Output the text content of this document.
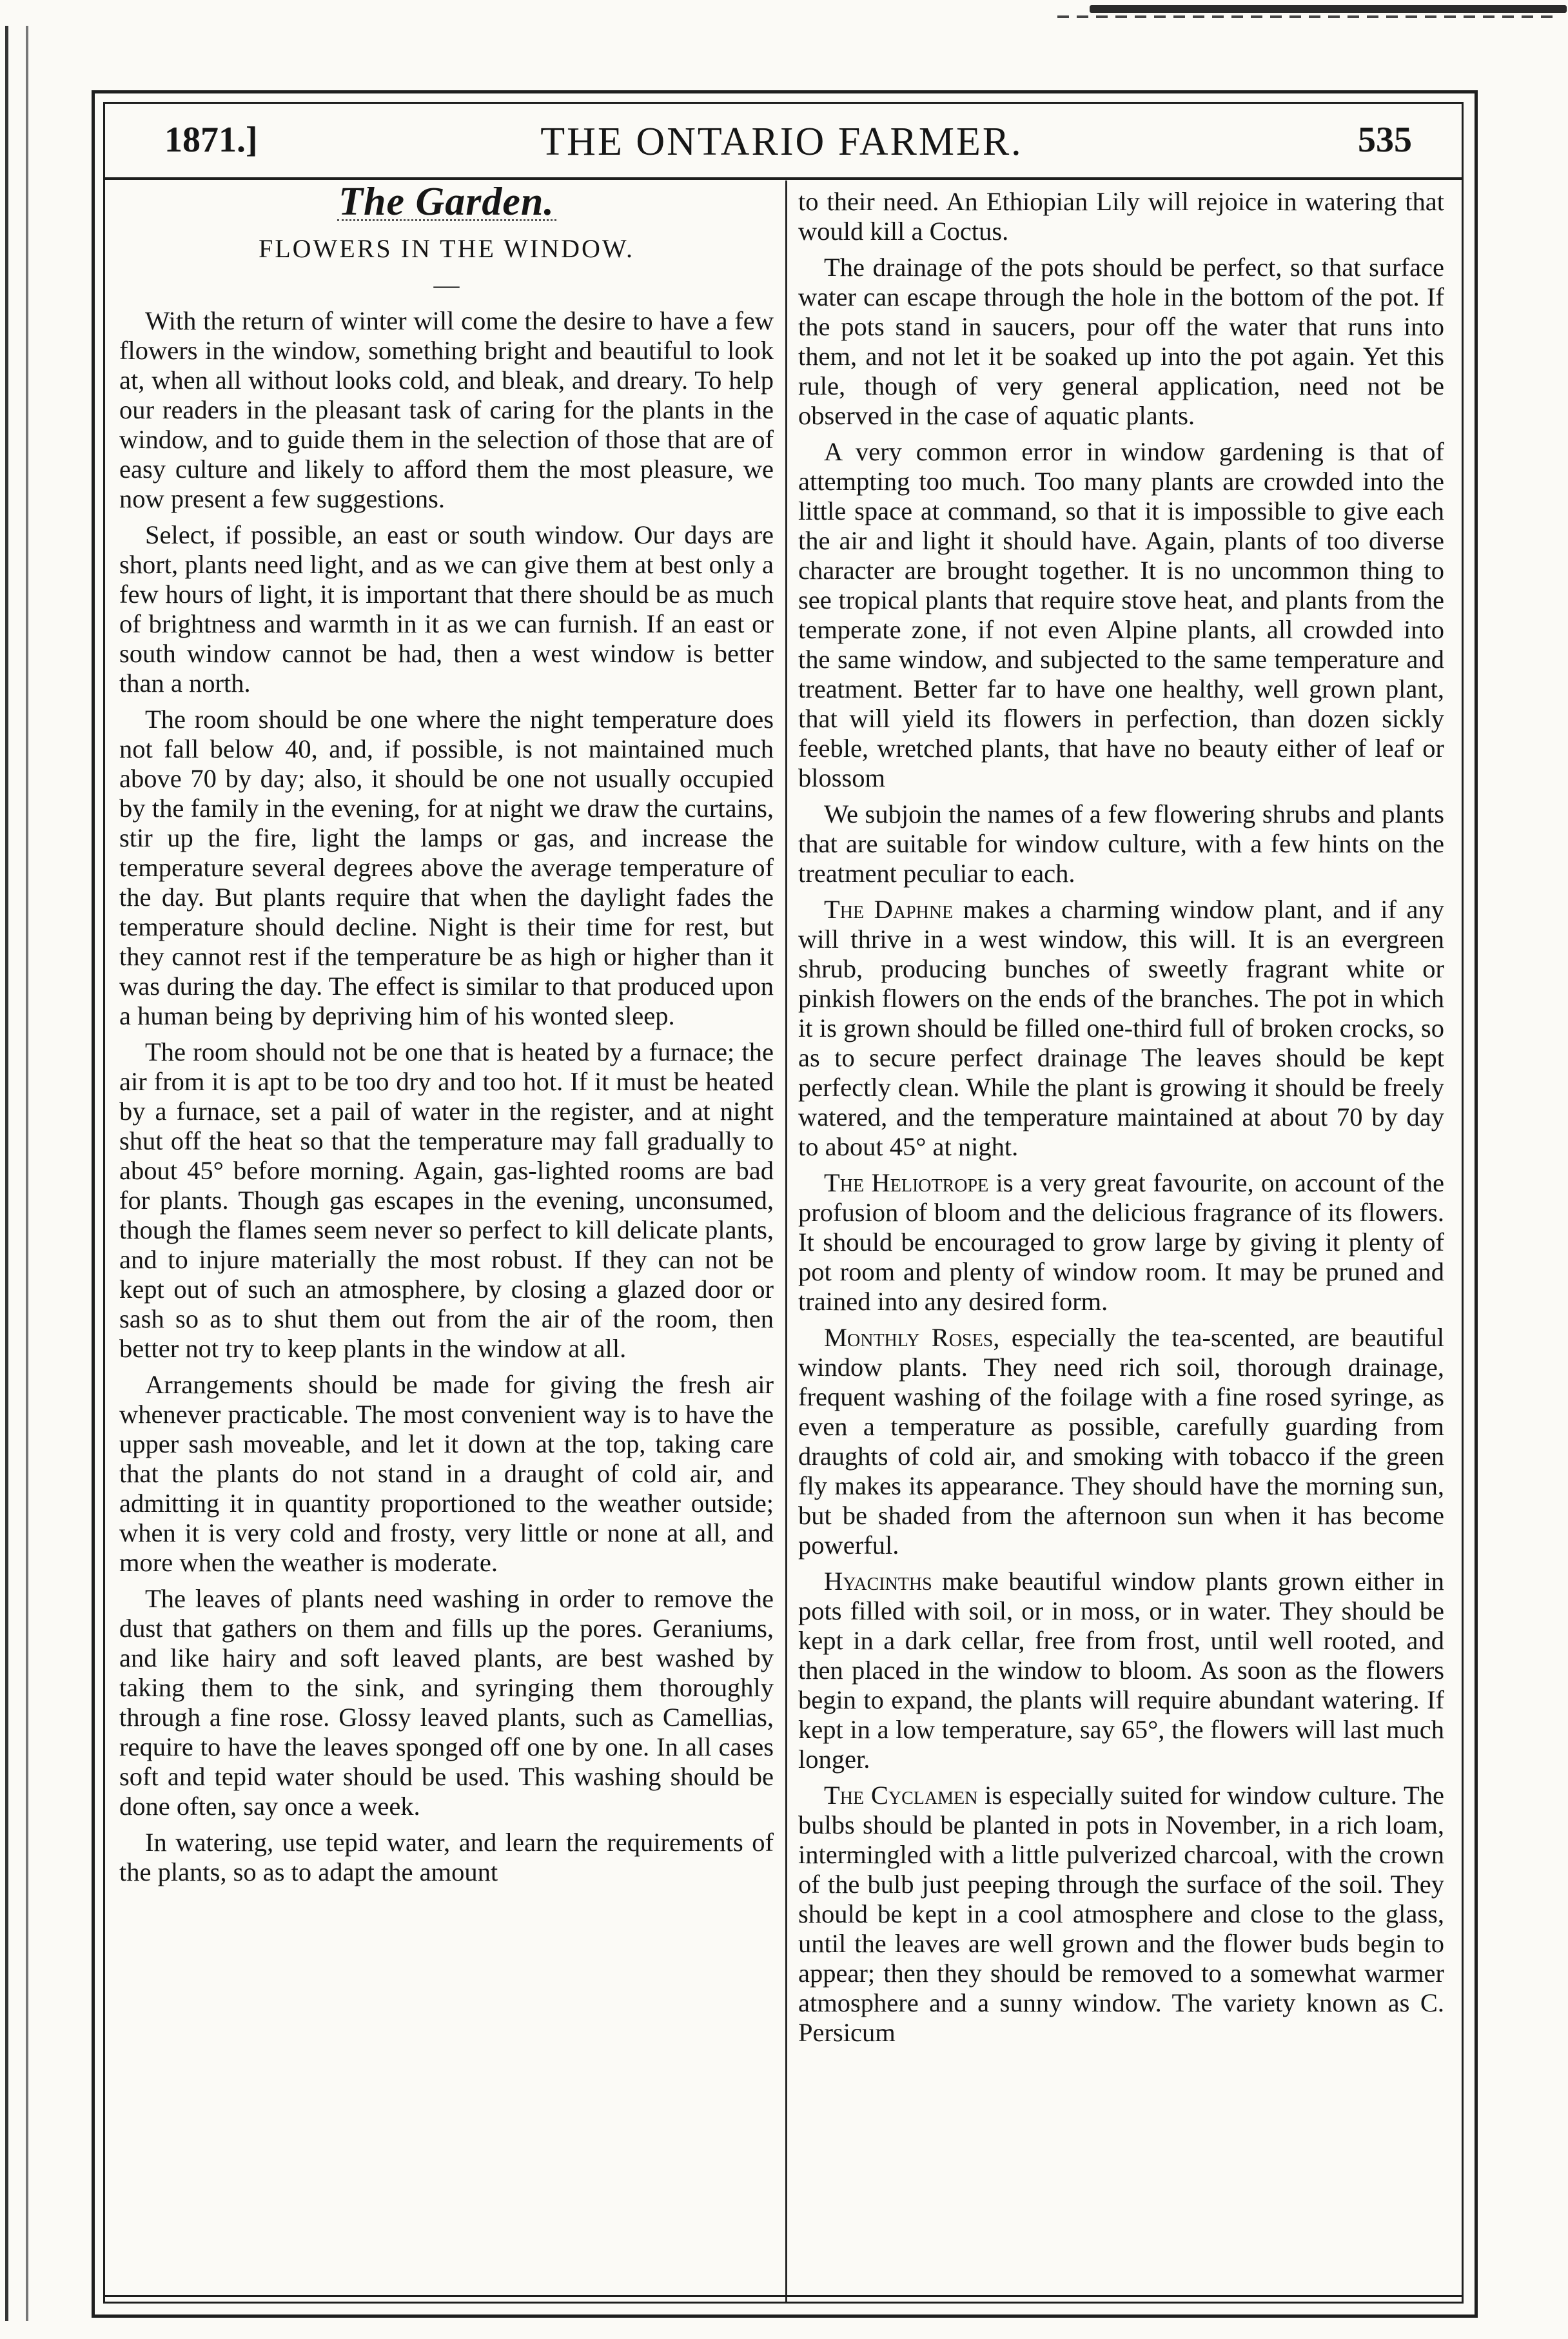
1871.]	THE ONTARIO FARMER.	535
The Garden.
FLOWERS IN THE WINDOW.
—

With the return of winter will come the desire to have a few flowers in the window, something bright and beautiful to look at, when all without looks cold, and bleak, and dreary. To help our readers in the pleasant task of caring for the plants in the window, and to guide them in the selection of those that are of easy culture and likely to afford them the most pleasure, we now present a few suggestions.

Select, if possible, an east or south window. Our days are short, plants need light, and as we can give them at best only a few hours of light, it is important that there should be as much of brightness and warmth in it as we can furnish. If an east or south window cannot be had, then a west window is better than a north.

The room should be one where the night temperature does not fall below 40, and, if possible, is not maintained much above 70 by day; also, it should be one not usually occupied by the family in the evening, for at night we draw the curtains, stir up the fire, light the lamps or gas, and increase the temperature several degrees above the average temperature of the day. But plants require that when the daylight fades the temperature should decline. Night is their time for rest, but they cannot rest if the temperature be as high or higher than it was during the day. The effect is similar to that produced upon a human being by depriving him of his wonted sleep.

The room should not be one that is heated by a furnace; the air from it is apt to be too dry and too hot. If it must be heated by a furnace, set a pail of water in the register, and at night shut off the heat so that the temperature may fall gradually to about 45° before morning. Again, gas-lighted rooms are bad for plants. Though gas escapes in the evening, unconsumed, though the flames seem never so perfect to kill delicate plants, and to injure materially the most robust. If they can not be kept out of such an atmosphere, by closing a glazed door or sash so as to shut them out from the air of the room, then better not try to keep plants in the window at all.

Arrangements should be made for giving the fresh air whenever practicable. The most convenient way is to have the upper sash moveable, and let it down at the top, taking care that the plants do not stand in a draught of cold air, and admitting it in quantity proportioned to the weather outside; when it is very cold and frosty, very little or none at all, and more when the weather is moderate.

The leaves of plants need washing in order to remove the dust that gathers on them and fills up the pores. Geraniums, and like hairy and soft leaved plants, are best washed by taking them to the sink, and syringing them thoroughly through a fine rose. Glossy leaved plants, such as Camellias, require to have the leaves sponged off one by one. In all cases soft and tepid water should be used. This washing should be done often, say once a week.

In watering, use tepid water, and learn the requirements of the plants, so as to adapt the amount

to their need. An Ethiopian Lily will rejoice in watering that would kill a Coctus.

The drainage of the pots should be perfect, so that surface water can escape through the hole in the bottom of the pot. If the pots stand in saucers, pour off the water that runs into them, and not let it be soaked up into the pot again. Yet this rule, though of very general application, need not be observed in the case of aquatic plants.

A very common error in window gardening is that of attempting too much. Too many plants are crowded into the little space at command, so that it is impossible to give each the air and light it should have. Again, plants of too diverse character are brought together. It is no uncommon thing to see tropical plants that require stove heat, and plants from the temperate zone, if not even Alpine plants, all crowded into the same window, and subjected to the same temperature and treatment. Better far to have one healthy, well grown plant, that will yield its flowers in perfection, than dozen sickly feeble, wretched plants, that have no beauty either of leaf or blossom

We subjoin the names of a few flowering shrubs and plants that are suitable for window culture, with a few hints on the treatment peculiar to each.

The Daphne makes a charming window plant, and if any will thrive in a west window, this will. It is an evergreen shrub, producing bunches of sweetly fragrant white or pinkish flowers on the ends of the branches. The pot in which it is grown should be filled one-third full of broken crocks, so as to secure perfect drainage The leaves should be kept perfectly clean. While the plant is growing it should be freely watered, and the temperature maintained at about 70 by day to about 45° at night.

The Heliotrope is a very great favourite, on account of the profusion of bloom and the delicious fragrance of its flowers. It should be encouraged to grow large by giving it plenty of pot room and plenty of window room. It may be pruned and trained into any desired form.

Monthly Roses, especially the tea-scented, are beautiful window plants. They need rich soil, thorough drainage, frequent washing of the foilage with a fine rosed syringe, as even a temperature as possible, carefully guarding from draughts of cold air, and smoking with tobacco if the green fly makes its appearance. They should have the morning sun, but be shaded from the afternoon sun when it has become powerful.

Hyacinths make beautiful window plants grown either in pots filled with soil, or in moss, or in water. They should be kept in a dark cellar, free from frost, until well rooted, and then placed in the window to bloom. As soon as the flowers begin to expand, the plants will require abundant watering. If kept in a low temperature, say 65°, the flowers will last much longer.

The Cyclamen is especially suited for window culture. The bulbs should be planted in pots in November, in a rich loam, intermingled with a little pulverized charcoal, with the crown of the bulb just peeping through the surface of the soil. They should be kept in a cool atmosphere and close to the glass, until the leaves are well grown and the flower buds begin to appear; then they should be removed to a somewhat warmer atmosphere and a sunny window. The variety known as C. Persicum
